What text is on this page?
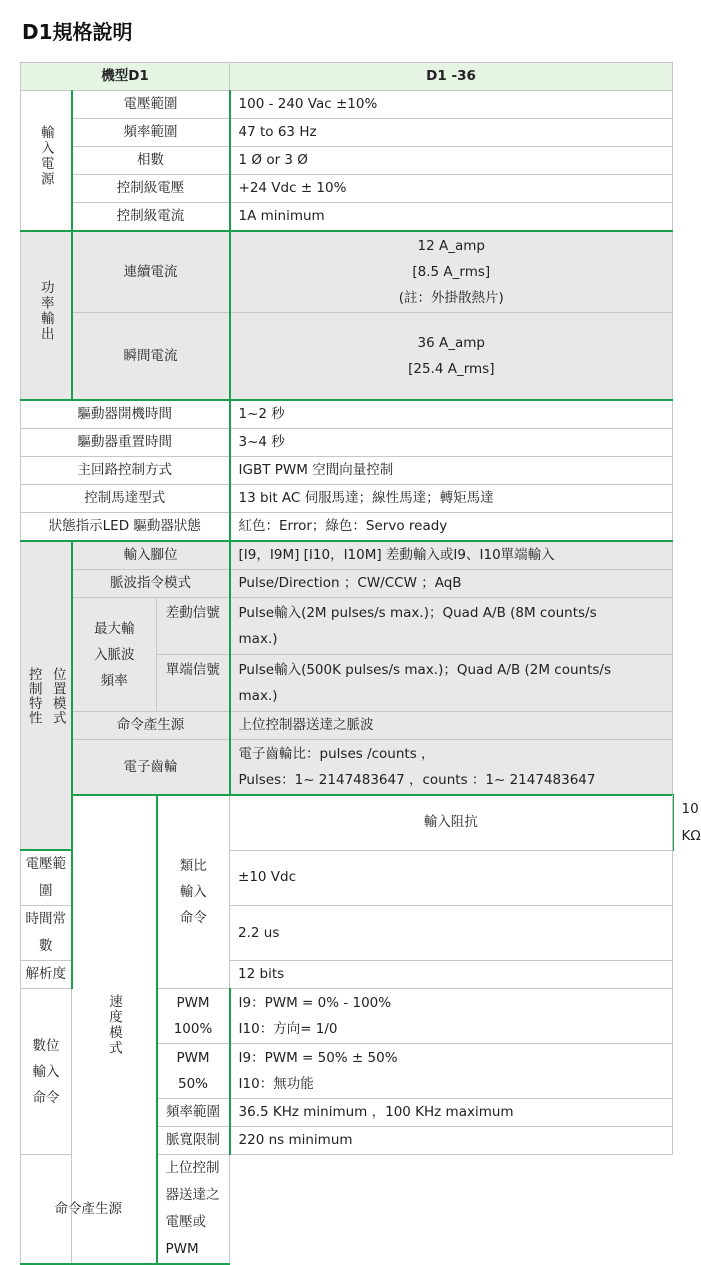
D1規格說明
機型D1			D1 -36	
輸入電源	電壓範圍		100 - 240 Vac ±10%	
	頻率範圍		47 to 63 Hz	
	相數		1 Ø or 3 Ø	
	控制級電壓		+24 Vdc ± 10%	
	控制級電流		1A minimum	
功率輸出	連續電流		12 A_amp
[8.5 A_rms]
(註：外掛散熱片)	

	瞬間電流		36 A_amp
[25.4 A_rms]	

驅動器開機時間			1~2 秒	
驅動器重置時間			3~4 秒	
主回路控制方式			IGBT PWM 空間向量控制	
控制馬達型式			13 bit AC 伺服馬達；線性馬達；轉矩馬達	
狀態指示LED 驅動器狀態			紅色：Error；綠色：Servo ready	

控制特性 位置模式	輸入腳位		[I9，I9M] [I10，I10M] 差動輸入或I9、I10單端輸入	
	脈波指令模式		Pulse/Direction ；CW/CCW ；AqB	

	最大輸
入脈波
頻率	差動信號	Pulse輸入(2M pulses/s max.)；Quad A/B (8M counts/s
max.)	

		單端信號	Pulse輸入(500K pulses/s max.)；Quad A/B (2M counts/s
max.)	

	命令產生源		上位控制器送達之脈波	
	電子齒輪		電子齒輪比：pulses /counts ，
Pulses：1~ 2147483647 ，counts ：1~ 2147483647	

	速度模式	類比
輸入
命令	輸入阻抗	10 KΩ
電壓範圍			±10 Vdc	
時間常數			2.2 us	
解析度			12 bits	

數位
輸入
命令		PWM
100%	I9：PWM = 0% - 100%
I10：方向= 1/0	

		PWM
50%	I9：PWM = 50% ± 50%
I10：無功能	

		頻率範圍	36.5 KHz minimum ，100 KHz maximum	
		脈寬限制	220 ns minimum	
命令產生源		上位控制器送達之電壓或PWM		
